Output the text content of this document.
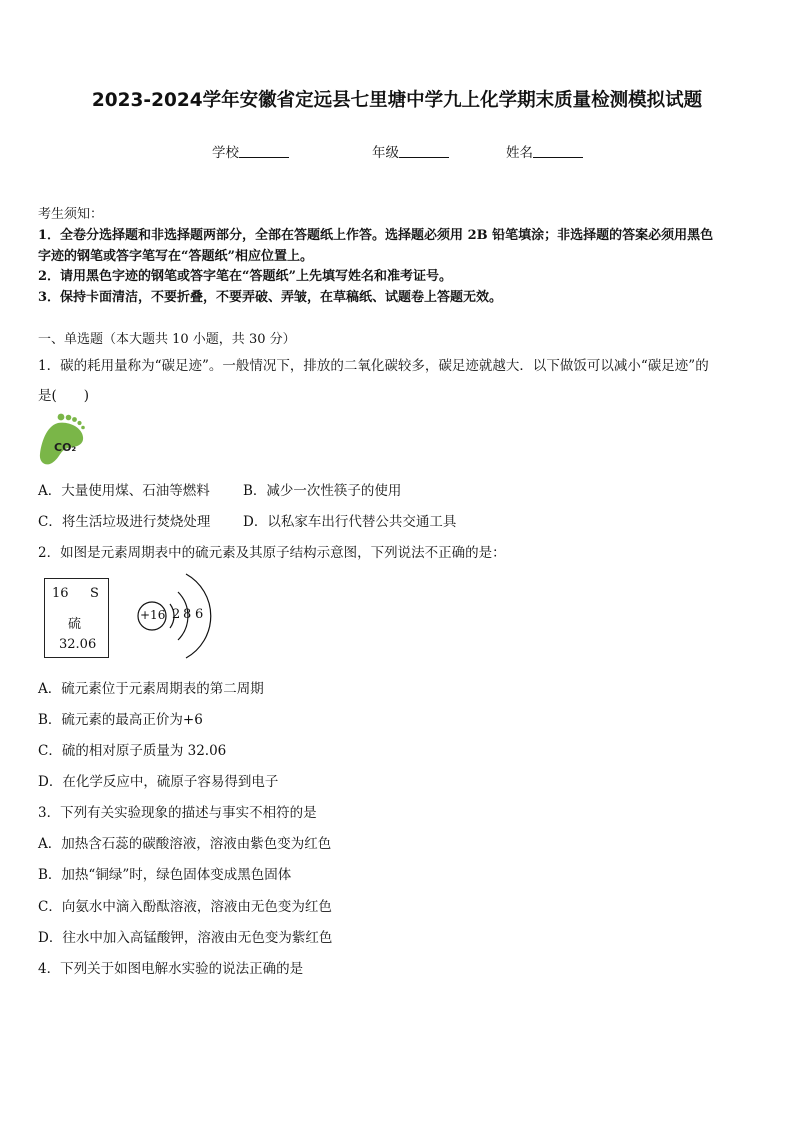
2023-2024学年安徽省定远县七里塘中学九上化学期末质量检测模拟试题
学校	年级	姓名
考生须知：
1．全卷分选择题和非选择题两部分，全部在答题纸上作答。选择题必须用 2B 铅笔填涂；非选择题的答案必须用黑色
字迹的钢笔或答字笔写在“答题纸”相应位置上。
2．请用黑色字迹的钢笔或答字笔在“答题纸”上先填写姓名和准考证号。
3．保持卡面清洁，不要折叠，不要弄破、弄皱，在草稿纸、试题卷上答题无效。
一、单选题（本大题共 10 小题，共 30 分）
1．碳的耗用量称为“碳足迹”。一般情况下，排放的二氧化碳较多，碳足迹就越大．以下做饭可以减小“碳足迹”的
是(　　)
CO₂
A．大量使用煤、石油等燃料 B．减少一次性筷子的使用
C．将生活垃圾进行焚烧处理 D．以私家车出行代替公共交通工具
2．如图是元素周期表中的硫元素及其原子结构示意图，下列说法不正确的是：
16 S
硫
32.06
+16 2 8 6
A．硫元素位于元素周期表的第二周期
B．硫元素的最高正价为+6
C．硫的相对原子质量为 32.06
D．在化学反应中，硫原子容易得到电子
3．下列有关实验现象的描述与事实不相符的是
A．加热含石蕊的碳酸溶液，溶液由紫色变为红色
B．加热“铜绿”时，绿色固体变成黑色固体
C．向氨水中滴入酚酞溶液，溶液由无色变为红色
D．往水中加入高锰酸钾，溶液由无色变为紫红色
4．下列关于如图电解水实验的说法正确的是
